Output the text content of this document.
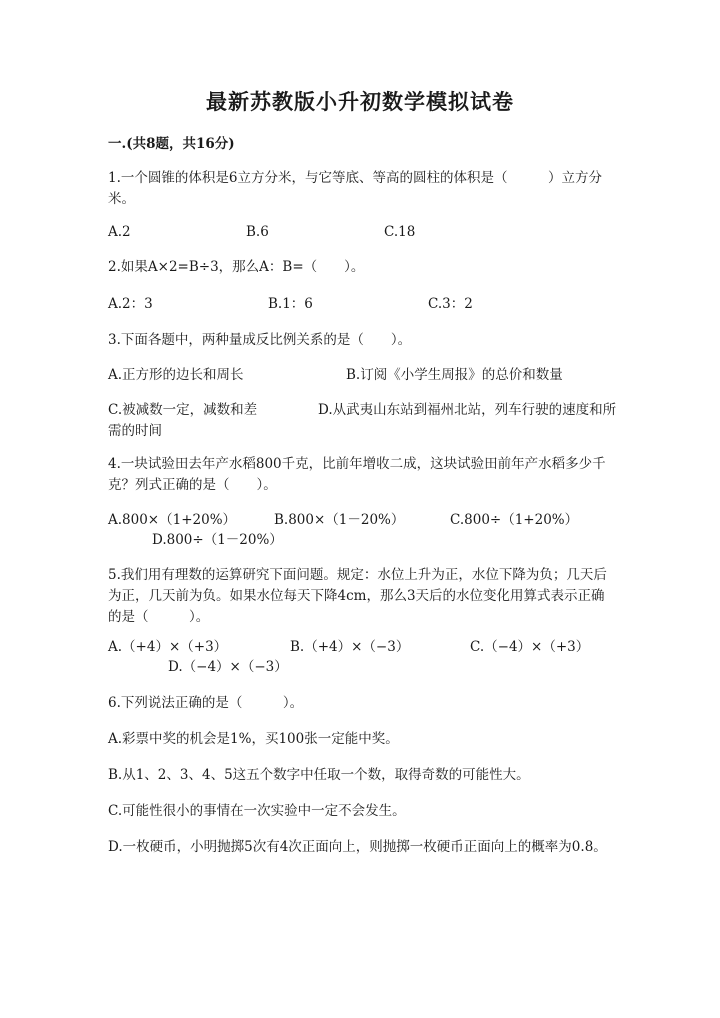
最新苏教版小升初数学模拟试卷
一.(共8题，共16分)
1.一个圆锥的体积是6立方分米，与它等底、等高的圆柱的体积是（　　　）立方分米。
A.2	B.6	C.18
2.如果A×2=B÷3，那么A：B=（　　）。
A.2：3	B.1：6	C.3：2
3.下面各题中，两种量成反比例关系的是（　　）。
A.正方形的边长和周长	B.订阅《小学生周报》的总价和数量
C.被减数一定，减数和差	D.从武夷山东站到福州北站，列车行驶的速度和所需的时间
4.一块试验田去年产水稻800千克，比前年增收二成，这块试验田前年产水稻多少千克？列式正确的是（　　）。
A.800×（1+20%）	B.800×（1－20%）	C.800÷（1+20%）
D.800÷（1－20%）
5.我们用有理数的运算研究下面问题。规定：水位上升为正，水位下降为负；几天后为正，几天前为负。如果水位每天下降4cm，那么3天后的水位变化用算式表示正确的是（　　　）。
A.（+4）×（+3）	B.（+4）×（−3）	C.（−4）×（+3）
D.（−4）×（−3）
6.下列说法正确的是（　　　）。
A.彩票中奖的机会是1%，买100张一定能中奖。
B.从1、2、3、4、5这五个数字中任取一个数，取得奇数的可能性大。
C.可能性很小的事情在一次实验中一定不会发生。
D.一枚硬币，小明抛掷5次有4次正面向上，则抛掷一枚硬币正面向上的概率为0.8。
